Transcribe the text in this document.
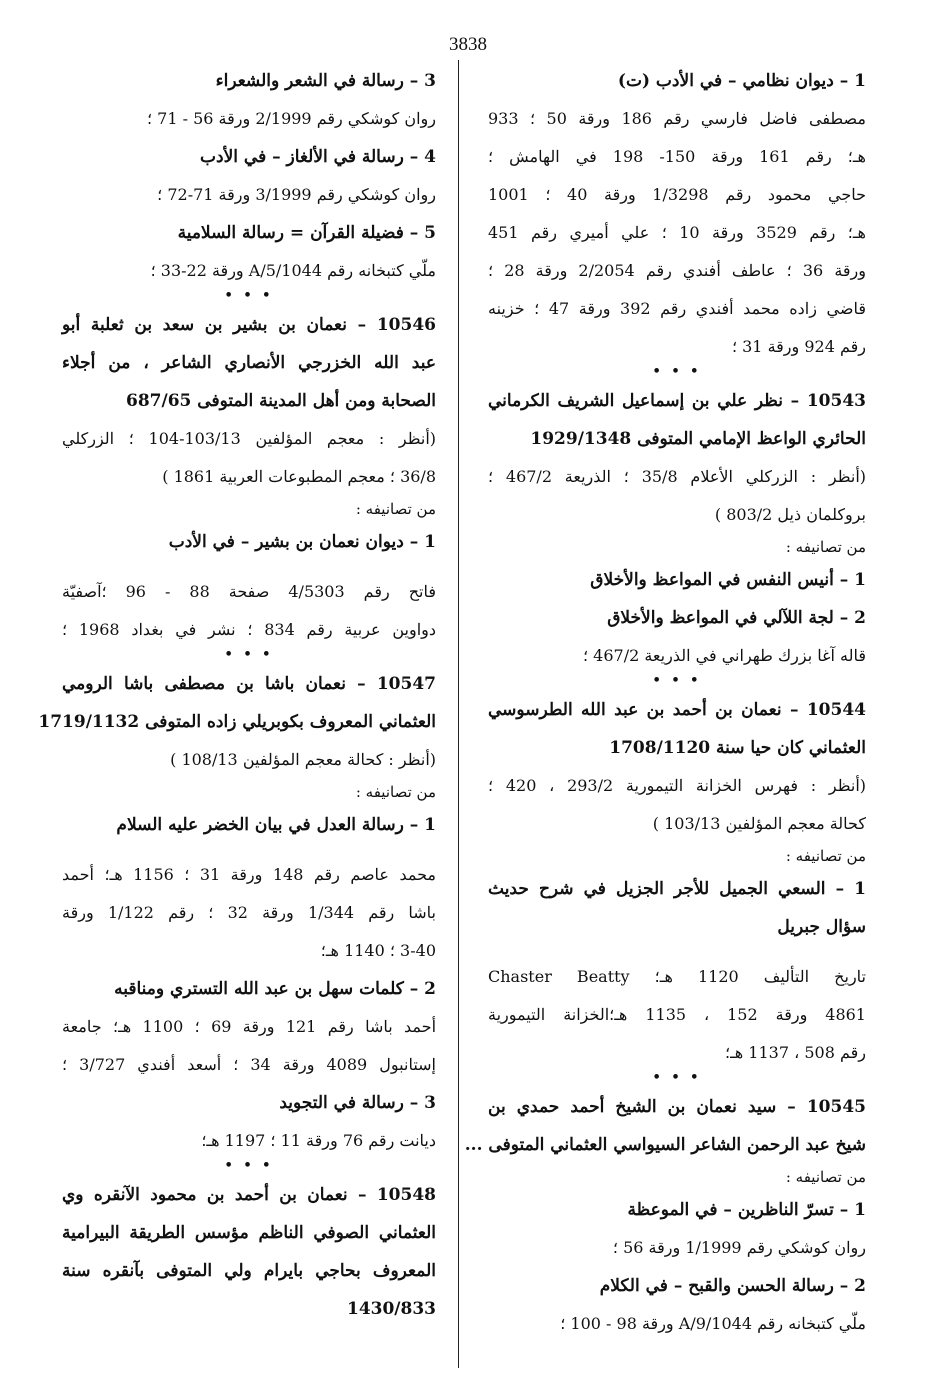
3838
1 – ديوان نظامي – في الأدب (ت)
مصطفى فاضل فارسي رقم 186 ورقة 50 ؛ 933
هـ؛ رقم 161 ورقة 150- 198 في الهامش ؛
حاجي محمود رقم 1/3298 ورقة 40 ؛ 1001
هـ؛ رقم 3529 ورقة 10 ؛ علي أميري رقم 451
ورقة 36 ؛ عاطف أفندي رقم 2/2054 ورقة 28 ؛
قاضي زاده محمد أفندي رقم 392 ورقة 47 ؛ خزينه
رقم 924 ورقة 31 ؛
• • •
10543 – نظر علي بن إسماعيل الشريف الكرماني
الحائري الواعظ الإمامي المتوفى 1929/1348
(أنظر : الزركلي الأعلام 35/8 ؛ الذريعة 467/2 ؛
بروكلمان ذيل 803/2 )
من تصانيفه :
1 – أنيس النفس في المواعظ والأخلاق
2 – لجة اللآلي في المواعظ والأخلاق
قاله آغا بزرك طهراني في الذريعة 467/2 ؛
• • •
10544 – نعمان بن أحمد بن عبد الله الطرسوسي
العثماني كان حيا سنة 1708/1120
(أنظر : فهرس الخزانة التيمورية 293/2 ، 420 ؛
كحالة معجم المؤلفين 103/13 )
من تصانيفه :
1 – السعي الجميل للأجر الجزيل في شرح حديث
سؤال جبريل
تاريخ التأليف 1120 هـ؛ Chaster Beatty
4861 ورقة 152 ، 1135 هـ؛الخزانة التيمورية
رقم 508 ، 1137 هـ؛
• • •
10545 – سيد نعمان بن الشيخ أحمد حمدي بن
شيخ عبد الرحمن الشاعر السيواسي العثماني المتوفى ...
من تصانيفه :
1 – تسرّ الناظرين – في الموعظة
روان كوشكي رقم 1/1999 ورقة 56 ؛
2 – رسالة الحسن والقبح – في الكلام
ملّي كتبخانه رقم 9/1044/A ورقة 98 - 100 ؛
3 – رسالة في الشعر والشعراء
روان كوشكي رقم 2/1999 ورقة 56 - 71 ؛
4 – رسالة في الألغاز – في الأدب
روان كوشكي رقم 3/1999 ورقة 71-72 ؛
5 – فضيلة القرآن = رسالة السلامية
ملّي كتبخانه رقم 5/1044/A ورقة 22-33 ؛
• • •
10546 – نعمان بن بشير بن سعد بن ثعلبة أبو
عبد الله الخزرجي الأنصاري الشاعر ، من أجلاء
الصحابة ومن أهل المدينة المتوفى 687/65
(أنظر : معجم المؤلفين 103/13-104 ؛ الزركلي
36/8 ؛ معجم المطبوعات العربية 1861 )
من تصانيفه :
1 – ديوان نعمان بن بشير – في الأدب
فاتح رقم 4/5303 صفحة 88 - 96 ؛آصفيّة
دواوين عربية رقم 834 ؛ نشر في بغداد 1968 ؛
• • •
10547 – نعمان باشا بن مصطفى باشا الرومي
العثماني المعروف بكوبريلي زاده المتوفى 1719/1132
(أنظر : كحالة معجم المؤلفين 108/13 )
من تصانيفه :
1 – رسالة العدل في بيان الخضر عليه السلام
محمد عاصم رقم 148 ورقة 31 ؛ 1156 هـ؛ أحمد
باشا رقم 1/344 ورقة 32 ؛ رقم 1/122 ورقة
3-40 ؛ 1140 هـ؛
2 – كلمات سهل بن عبد الله التستري ومناقبه
أحمد باشا رقم 121 ورقة 69 ؛ 1100 هـ؛ جامعة
إستانبول 4089 ورقة 34 ؛ أسعد أفندي 3/727 ؛
3 – رسالة في التجويد
ديانت رقم 76 ورقة 11 ؛ 1197 هـ؛
• • •
10548 – نعمان بن أحمد بن محمود الآنقره وي
العثماني الصوفي الناظم مؤسس الطريقة البيرامية
المعروف بحاجي بايرام ولي المتوفى بآنقره سنة
1430/833
